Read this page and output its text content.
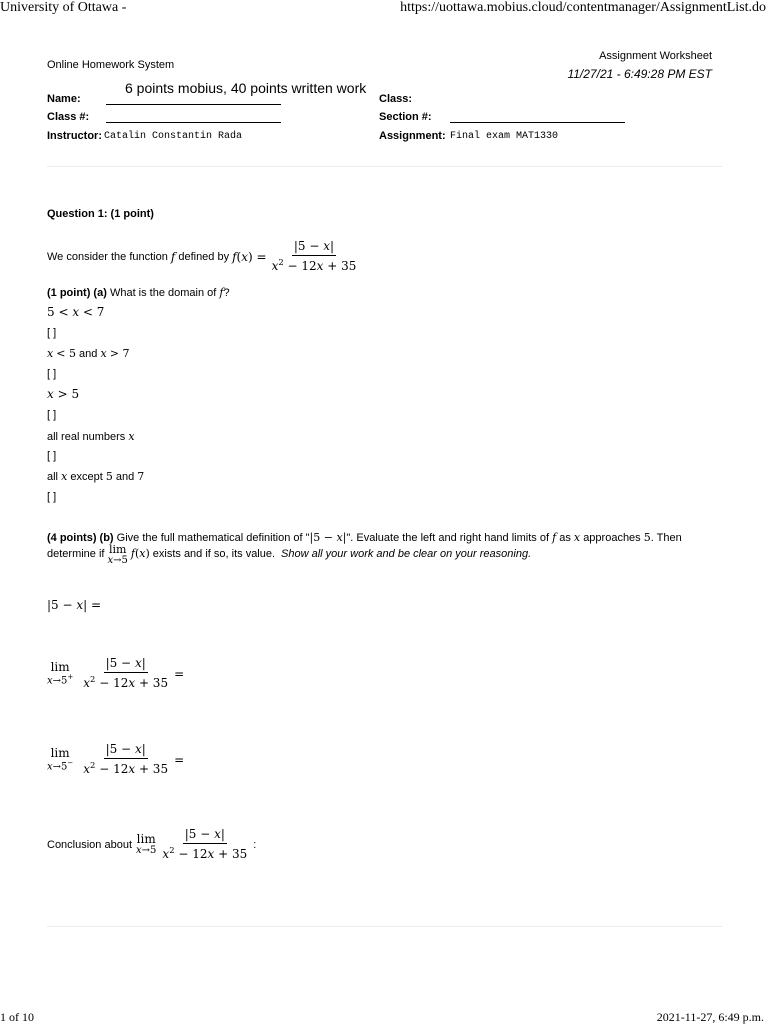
University of Ottawa -	https://uottawa.mobius.cloud/contentmanager/AssignmentList.do
Online Homework System
Assignment Worksheet
11/27/21 - 6:49:28 PM EST
6 points mobius, 40 points written work
Name:	Class:
Class #:	Section #:
Instructor: Catalin Constantin Rada	Assignment: Final exam MAT1330
Question 1: (1 point)
We consider the function f defined by $f(x) = \frac{|5 - x|}{x^2 - 12x + 35}$
(1 point) (a) What is the domain of f?
5 < x < 7
[ ]
x < 5 and x > 7
[ ]
x > 5
[ ]
all real numbers x
[ ]
all x except 5 and 7
[ ]
(4 points) (b) Give the full mathematical definition of "|5 − x|". Evaluate the left and right hand limits of f as x approaches 5. Then
determine if lim
x→5
f(x) exists and if so, its value. Show all your work and be clear on your reasoning.
|5 − x| =
lim
$x\to 5^+ \frac{|5 - x|}{x^2 - 12x + 35}$ =
lim
$x\to 5^- \frac{|5 - x|}{x^2 - 12x + 35}$ =
Conclusion about lim
$x\to 5 \frac{|5 - x|}{x^2 - 12x + 35}$ :
1 of 10	2021-11-27, 6:49 p.m.
